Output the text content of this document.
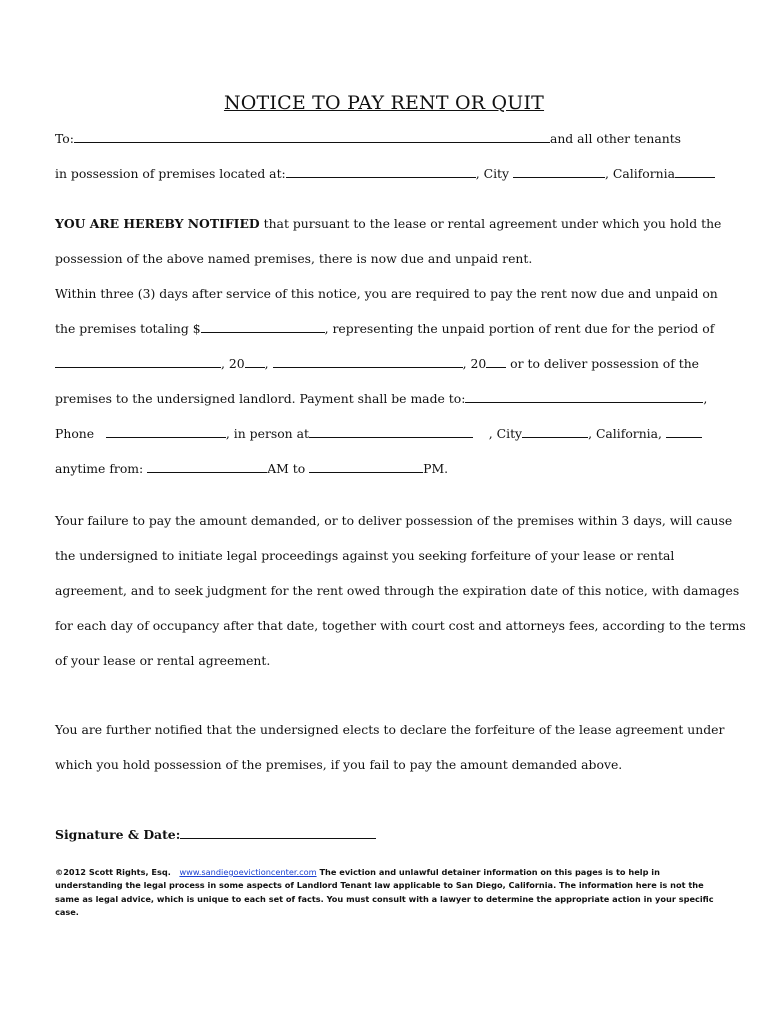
NOTICE TO PAY RENT OR QUIT
To:	and all other tenants
in possession of premises located at:	, City	, California
YOU ARE HEREBY NOTIFIED that pursuant to the lease or rental agreement under which you hold the
possession of the above named premises, there is now due and unpaid rent.
Within three (3) days after service of this notice, you are required to pay the rent now due and unpaid on
the premises totaling $	, representing the unpaid portion of rent due for the period of
, 20 ,	, 20 or to deliver possession of the
premises to the undersigned landlord. Payment shall be made to:	,
Phone	, in person at	, City	, California,
anytime from:	AM to	PM.
Your failure to pay the amount demanded, or to deliver possession of the premises within 3 days, will cause
the undersigned to initiate legal proceedings against you seeking forfeiture of your lease or rental
agreement, and to seek judgment for the rent owed through the expiration date of this notice, with damages
for each day of occupancy after that date, together with court cost and attorneys fees, according to the terms
of your lease or rental agreement.
You are further notified that the undersigned elects to declare the forfeiture of the lease agreement under
which you hold possession of the premises, if you fail to pay the amount demanded above.
Signature & Date:
©2012 Scott Rights, Esq. www.sandiegoevictioncenter.com The eviction and unlawful detainer information on this pages is to help in understanding the legal process in some aspects of Landlord Tenant law applicable to San Diego, California. The information here is not the same as legal advice, which is unique to each set of facts. You must consult with a lawyer to determine the appropriate action in your specific case.
